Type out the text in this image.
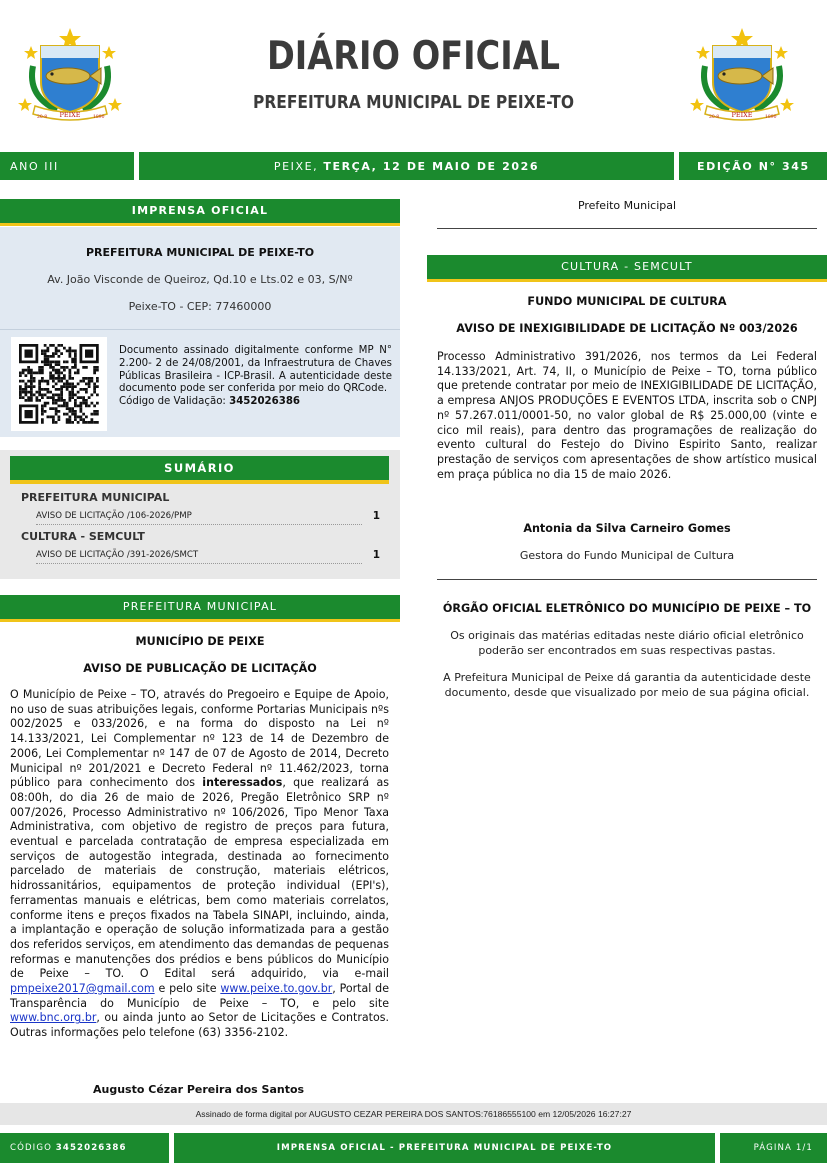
PEIXE
20-8	1890
DIÁRIO OFICIAL
PREFEITURA MUNICIPAL DE PEIXE-TO
PEIXE
20-8	1890
ANO III	PEIXE,
TERÇA, 12 DE MAIO DE 2026	EDIÇÃO N° 345
IMPRENSA OFICIAL
PREFEITURA MUNICIPAL DE PEIXE-TO
Av. João Visconde de Queiroz, Qd.10 e Lts.02 e 03, S/Nº
Peixe-TO - CEP: 77460000
Documento assinado digitalmente conforme MP N° 2.200- 2 de 24/08/2001, da Infraestrutura de Chaves Públicas Brasileira - ICP-Brasil. A autenticidade deste documento pode ser conferida por meio do QRCode.
Código de Validação: 3452026386
SUMÁRIO
PREFEITURA MUNICIPAL
AVISO DE LICITAÇÃO /106-2026/PMP	1
CULTURA - SEMCULT
AVISO DE LICITAÇÃO /391-2026/SMCT	1
PREFEITURA MUNICIPAL
MUNICÍPIO DE PEIXE
AVISO DE PUBLICAÇÃO DE LICITAÇÃO
O Município de Peixe – TO, através do Pregoeiro e Equipe de Apoio, no uso de suas atribuições legais, conforme Portarias Municipais nºs 002/2025 e 033/2026, e na forma do disposto na Lei nº 14.133/2021, Lei Complementar nº 123 de 14 de Dezembro de 2006, Lei Complementar nº 147 de 07 de Agosto de 2014, Decreto Municipal nº 201/2021 e Decreto Federal nº 11.462/2023, torna público para conhecimento dos interessados, que realizará as 08:00h, do dia 26 de maio de 2026, Pregão Eletrônico SRP nº 007/2026, Processo Administrativo nº 106/2026, Tipo Menor Taxa Administrativa, com objetivo de registro de preços para futura, eventual e parcelada contratação de empresa especializada em serviços de autogestão integrada, destinada ao fornecimento parcelado de materiais de construção, materiais elétricos, hidrossanitários, equipamentos de proteção individual (EPI's), ferramentas manuais e elétricas, bem como materiais correlatos, conforme itens e preços fixados na Tabela SINAPI, incluindo, ainda, a implantação e operação de solução informatizada para a gestão dos referidos serviços, em atendimento das demandas de pequenas reformas e manutenções dos prédios e bens públicos do Município de Peixe – TO. O Edital será adquirido, via e-mail pmpeixe2017@gmail.com e pelo site www.peixe.to.gov.br, Portal de Transparência do Município de Peixe – TO, e pelo site www.bnc.org.br, ou ainda junto ao Setor de Licitações e Contratos. Outras informações pelo telefone (63) 3356-2102.
Augusto Cézar Pereira dos Santos
Prefeito Municipal
CULTURA - SEMCULT
FUNDO MUNICIPAL DE CULTURA
AVISO DE INEXIGIBILIDADE DE LICITAÇÃO Nº 003/2026
Processo Administrativo 391/2026, nos termos da Lei Federal 14.133/2021, Art. 74, II, o Município de Peixe – TO, torna público que pretende contratar por meio de INEXIGIBILIDADE DE LICITAÇÃO, a empresa ANJOS PRODUÇÕES E EVENTOS LTDA, inscrita sob o CNPJ nº 57.267.011/0001-50, no valor global de R$ 25.000,00 (vinte e cico mil reais), para dentro das programações de realização do evento cultural do Festejo do Divino Espirito Santo, realizar prestação de serviços com apresentações de show artístico musical em praça pública no dia 15 de maio 2026.
Antonia da Silva Carneiro Gomes
Gestora do Fundo Municipal de Cultura
ÓRGÃO OFICIAL ELETRÔNICO DO MUNICÍPIO DE PEIXE – TO
Os originais das matérias editadas neste diário oficial eletrônico poderão ser encontrados em suas respectivas pastas.
A Prefeitura Municipal de Peixe dá garantia da autenticidade deste documento, desde que visualizado por meio de sua página oficial.
Assinado de forma digital por AUGUSTO CEZAR PEREIRA DOS SANTOS:76186555100 em 12/05/2026 16:27:27
CÓDIGO
3452026386	IMPRENSA OFICIAL - PREFEITURA MUNICIPAL DE PEIXE-TO	PÁGINA 1/1
